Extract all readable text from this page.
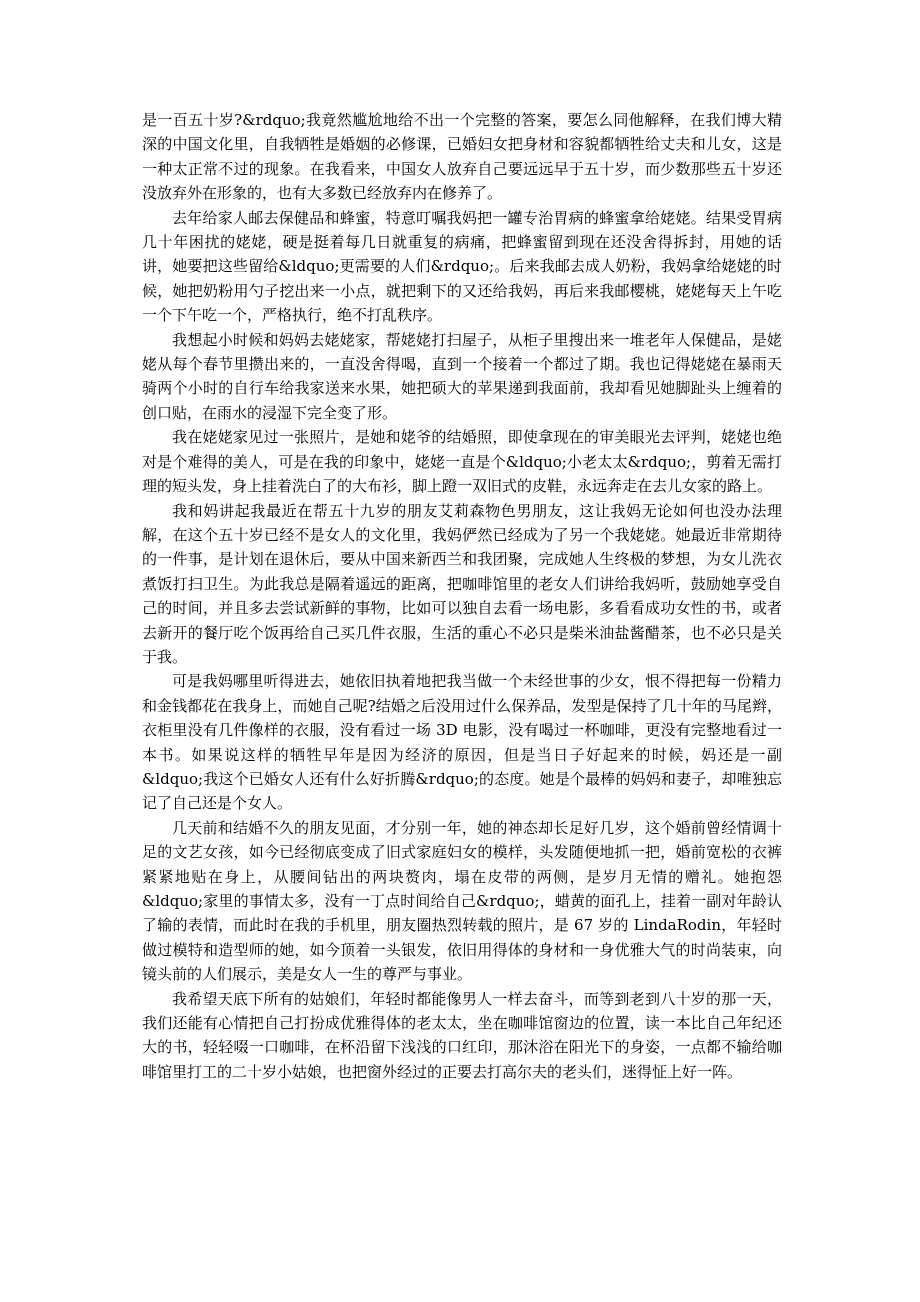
是一百五十岁?&rdquo;我竟然尴尬地给不出一个完整的答案，要怎么同他解释，在我们博大精深的中国文化里，自我牺牲是婚姻的必修课，已婚妇女把身材和容貌都牺牲给丈夫和儿女，这是一种太正常不过的现象。在我看来，中国女人放弃自己要远远早于五十岁，而少数那些五十岁还没放弃外在形象的，也有大多数已经放弃内在修养了。

去年给家人邮去保健品和蜂蜜，特意叮嘱我妈把一罐专治胃病的蜂蜜拿给姥姥。结果受胃病几十年困扰的姥姥，硬是挺着每几日就重复的病痛，把蜂蜜留到现在还没舍得拆封，用她的话讲，她要把这些留给&ldquo;更需要的人们&rdquo;。后来我邮去成人奶粉，我妈拿给姥姥的时候，她把奶粉用勺子挖出来一小点，就把剩下的又还给我妈，再后来我邮樱桃，姥姥每天上午吃一个下午吃一个，严格执行，绝不打乱秩序。

我想起小时候和妈妈去姥姥家，帮姥姥打扫屋子，从柜子里搜出来一堆老年人保健品，是姥姥从每个春节里攒出来的，一直没舍得喝，直到一个接着一个都过了期。我也记得姥姥在暴雨天骑两个小时的自行车给我家送来水果，她把硕大的苹果递到我面前，我却看见她脚趾头上缠着的创口贴，在雨水的浸湿下完全变了形。

我在姥姥家见过一张照片，是她和姥爷的结婚照，即使拿现在的审美眼光去评判，姥姥也绝对是个难得的美人，可是在我的印象中，姥姥一直是个&ldquo;小老太太&rdquo;，剪着无需打理的短头发，身上挂着洗白了的大布衫，脚上蹬一双旧式的皮鞋，永远奔走在去儿女家的路上。

我和妈讲起我最近在帮五十九岁的朋友艾莉森物色男朋友，这让我妈无论如何也没办法理解，在这个五十岁已经不是女人的文化里，我妈俨然已经成为了另一个我姥姥。她最近非常期待的一件事，是计划在退休后，要从中国来新西兰和我团聚，完成她人生终极的梦想，为女儿洗衣煮饭打扫卫生。为此我总是隔着遥远的距离，把咖啡馆里的老女人们讲给我妈听，鼓励她享受自己的时间，并且多去尝试新鲜的事物，比如可以独自去看一场电影，多看看成功女性的书，或者去新开的餐厅吃个饭再给自己买几件衣服，生活的重心不必只是柴米油盐酱醋茶，也不必只是关于我。

可是我妈哪里听得进去，她依旧执着地把我当做一个未经世事的少女，恨不得把每一份精力和金钱都花在我身上，而她自己呢?结婚之后没用过什么保养品，发型是保持了几十年的马尾辫，衣柜里没有几件像样的衣服，没有看过一场 3D 电影，没有喝过一杯咖啡，更没有完整地看过一本书。如果说这样的牺牲早年是因为经济的原因，但是当日子好起来的时候，妈还是一副&ldquo;我这个已婚女人还有什么好折腾&rdquo;的态度。她是个最棒的妈妈和妻子，却唯独忘记了自己还是个女人。

几天前和结婚不久的朋友见面，才分别一年，她的神态却长足好几岁，这个婚前曾经情调十足的文艺女孩，如今已经彻底变成了旧式家庭妇女的模样，头发随便地抓一把，婚前宽松的衣裤紧紧地贴在身上，从腰间钻出的两块赘肉，塌在皮带的两侧，是岁月无情的赠礼。她抱怨&ldquo;家里的事情太多，没有一丁点时间给自己&rdquo;，蜡黄的面孔上，挂着一副对年龄认了输的表情，而此时在我的手机里，朋友圈热烈转载的照片，是 67 岁的 LindaRodin，年轻时做过模特和造型师的她，如今顶着一头银发，依旧用得体的身材和一身优雅大气的时尚装束，向镜头前的人们展示，美是女人一生的尊严与事业。

我希望天底下所有的姑娘们，年轻时都能像男人一样去奋斗，而等到老到八十岁的那一天，我们还能有心情把自己打扮成优雅得体的老太太，坐在咖啡馆窗边的位置，读一本比自己年纪还大的书，轻轻啜一口咖啡，在杯沿留下浅浅的口红印，那沐浴在阳光下的身姿，一点都不输给咖啡馆里打工的二十岁小姑娘，也把窗外经过的正要去打高尔夫的老头们，迷得怔上好一阵。
